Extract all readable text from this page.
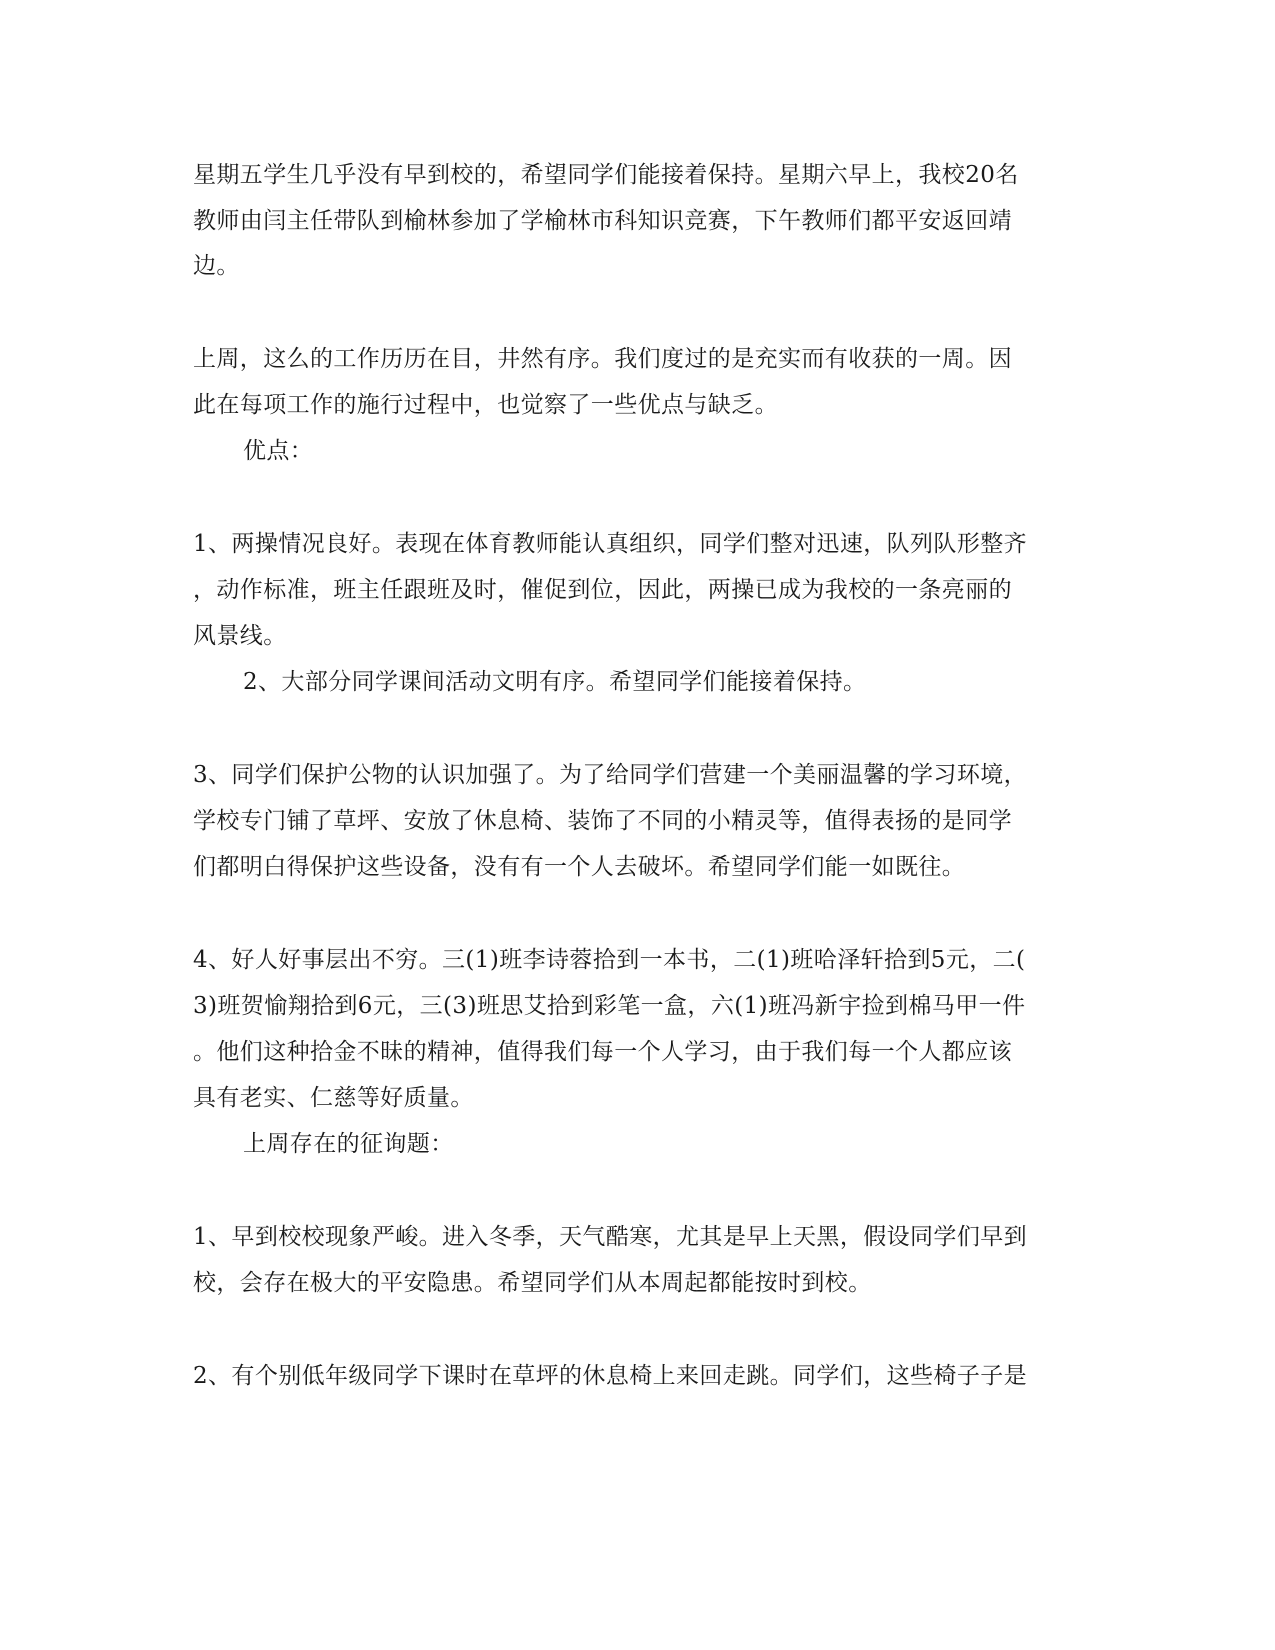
星期五学生几乎没有早到校的，希望同学们能接着保持。星期六早上，我校20名
教师由闫主任带队到榆林参加了学榆林市科知识竞赛，下午教师们都平安返回靖
边。
上周，这么的工作历历在目，井然有序。我们度过的是充实而有收获的一周。因
此在每项工作的施行过程中，也觉察了一些优点与缺乏。
优点：
1、两操情况良好。表现在体育教师能认真组织，同学们整对迅速，队列队形整齐
，动作标准，班主任跟班及时，催促到位，因此，两操已成为我校的一条亮丽的
风景线。
2、大部分同学课间活动文明有序。希望同学们能接着保持。
3、同学们保护公物的认识加强了。为了给同学们营建一个美丽温馨的学习环境，
学校专门铺了草坪、安放了休息椅、装饰了不同的小精灵等，值得表扬的是同学
们都明白得保护这些设备，没有有一个人去破坏。希望同学们能一如既往。
4、好人好事层出不穷。三(1)班李诗蓉拾到一本书，二(1)班哈泽轩拾到5元，二(
3)班贺愉翔拾到6元，三(3)班思艾拾到彩笔一盒，六(1)班冯新宇捡到棉马甲一件
。他们这种拾金不昧的精神，值得我们每一个人学习，由于我们每一个人都应该
具有老实、仁慈等好质量。
上周存在的征询题：
1、早到校校现象严峻。进入冬季，天气酷寒，尤其是早上天黑，假设同学们早到
校，会存在极大的平安隐患。希望同学们从本周起都能按时到校。
2、有个别低年级同学下课时在草坪的休息椅上来回走跳。同学们，这些椅子子是
